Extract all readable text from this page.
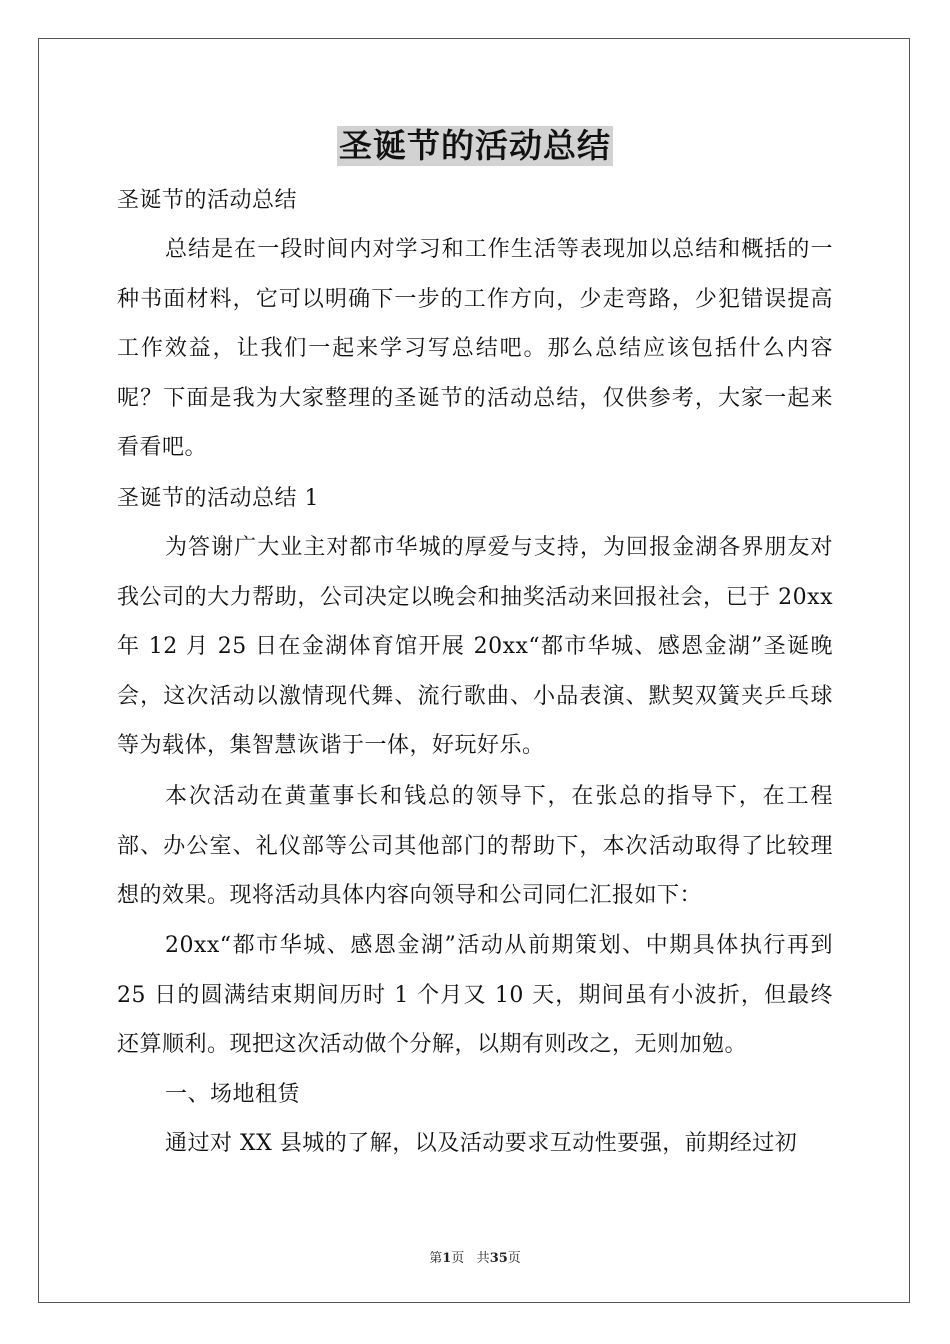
圣诞节的活动总结

圣诞节的活动总结

总结是在一段时间内对学习和工作生活等表现加以总结和概括的一种书面材料，它可以明确下一步的工作方向，少走弯路，少犯错误提高工作效益，让我们一起来学习写总结吧。那么总结应该包括什么内容呢？下面是我为大家整理的圣诞节的活动总结，仅供参考，大家一起来看看吧。

圣诞节的活动总结 1

为答谢广大业主对都市华城的厚爱与支持，为回报金湖各界朋友对我公司的大力帮助，公司决定以晚会和抽奖活动来回报社会，已于 20xx 年 12 月 25 日在金湖体育馆开展 20xx“都市华城、感恩金湖”圣诞晚会，这次活动以激情现代舞、流行歌曲、小品表演、默契双簧夹乒乓球等为载体，集智慧诙谐于一体，好玩好乐。

本次活动在黄董事长和钱总的领导下，在张总的指导下，在工程部、办公室、礼仪部等公司其他部门的帮助下，本次活动取得了比较理想的效果。现将活动具体内容向领导和公司同仁汇报如下：

20xx“都市华城、感恩金湖”活动从前期策划、中期具体执行再到 25 日的圆满结束期间历时 1 个月又 10 天，期间虽有小波折，但最终还算顺利。现把这次活动做个分解，以期有则改之，无则加勉。

一、场地租赁

通过对 XX 县城的了解，以及活动要求互动性要强，前期经过初

第1页 共35页
